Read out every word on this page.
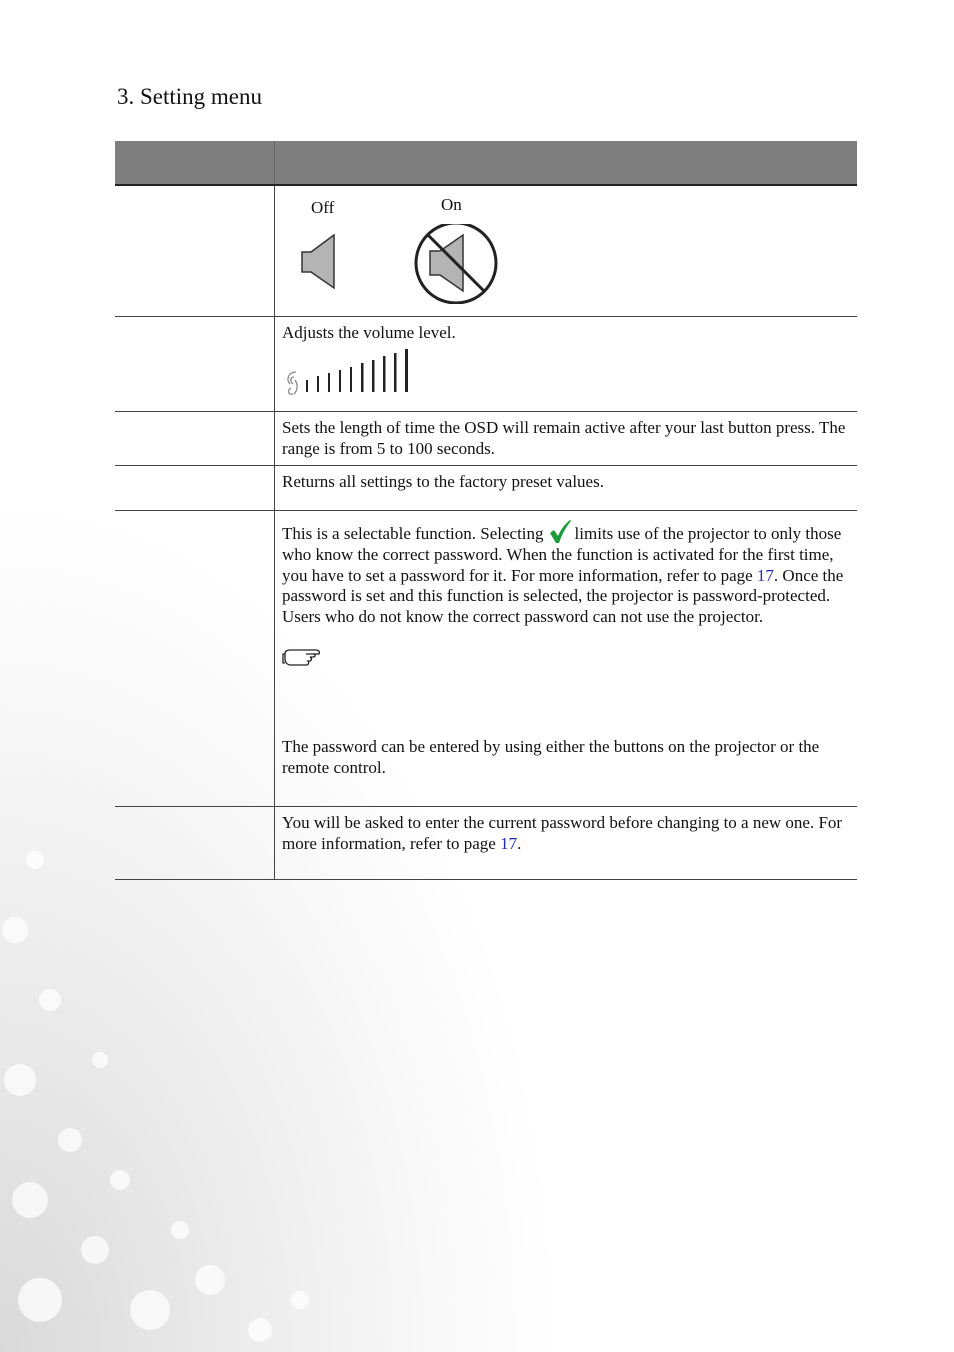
3. Setting menu

	Off On

	Adjusts the volume level.

	Sets the length of time the OSD will remain active after your last button press. The range is from 5 to 100 seconds.

	Returns all settings to the factory preset values.

	This is a selectable function. Selecting limits use of the projector to only those who know the correct password. When the function is activated for the first time, you have to set a password for it. For more information, refer to page 17. Once the password is set and this function is selected, the projector is password-protected. Users who do not know the correct password can not use the projector.

The password can be entered by using either the buttons on the projector or the remote control.

	You will be asked to enter the current password before changing to a new one. For more information, refer to page 17.
